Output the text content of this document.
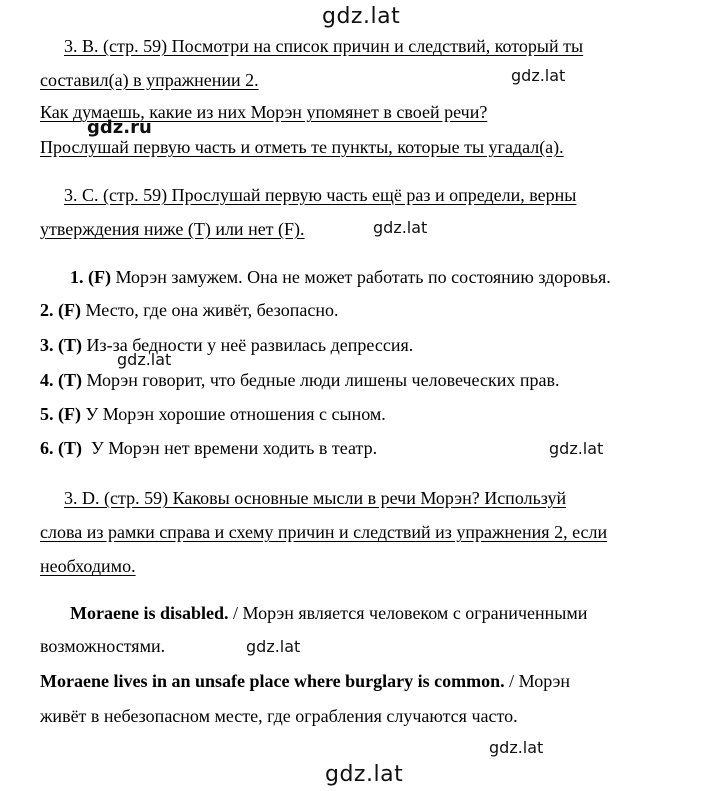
gdz.lat
gdz.lat
gdz.ru
gdz.lat
gdz.lat
gdz.lat
gdz.lat
gdz.lat
gdz.lat
3. B. (стр. 59) Посмотри на список причин и следствий, который ты
составил(а) в упражнении 2.
Как думаешь, какие из них Морэн упомянет в своей речи?
Прослушай первую часть и отметь те пункты, которые ты угадал(а).
3. C. (стр. 59) Прослушай первую часть ещё раз и определи, верны
утверждения ниже (T) или нет (F).
1. (F) Морэн замужем. Она не может работать по состоянию здоровья.
2. (F) Место, где она живёт, безопасно.
3. (T) Из-за бедности у неё развилась депрессия.
4. (T) Морэн говорит, что бедные люди лишены человеческих прав.
5. (F) У Морэн хорошие отношения с сыном.
6. (T)  У Морэн нет времени ходить в театр.
3. D. (стр. 59) Каковы основные мысли в речи Морэн? Используй
слова из рамки справа и схему причин и следствий из упражнения 2, если
необходимо.
Moraene is disabled. / Морэн является человеком с ограниченными
возможностями.
Moraene lives in an unsafe place where burglary is common. / Морэн
живёт в небезопасном месте, где ограбления случаются часто.
